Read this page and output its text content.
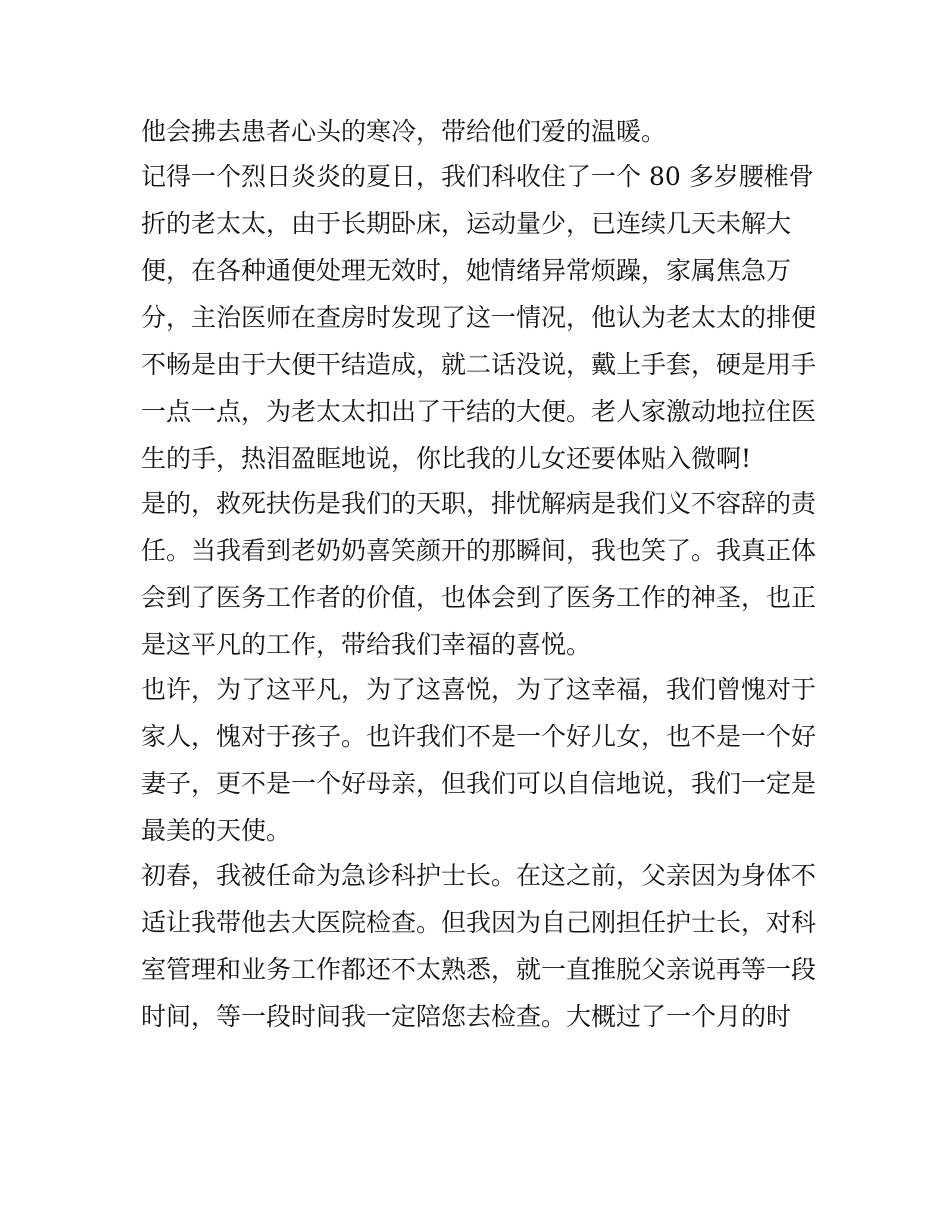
他会拂去患者心头的寒冷，带给他们爱的温暖。
记得一个烈日炎炎的夏日，我们科收住了一个 80 多岁腰椎骨
折的老太太，由于长期卧床，运动量少，已连续几天未解大
便，在各种通便处理无效时，她情绪异常烦躁，家属焦急万
分，主治医师在查房时发现了这一情况，他认为老太太的排便
不畅是由于大便干结造成，就二话没说，戴上手套，硬是用手
一点一点，为老太太扣出了干结的大便。老人家激动地拉住医
生的手，热泪盈眶地说，你比我的儿女还要体贴入微啊!
是的，救死扶伤是我们的天职，排忧解病是我们义不容辞的责
任。当我看到老奶奶喜笑颜开的那瞬间，我也笑了。我真正体
会到了医务工作者的价值，也体会到了医务工作的神圣，也正
是这平凡的工作，带给我们幸福的喜悦。
也许，为了这平凡，为了这喜悦，为了这幸福，我们曾愧对于
家人，愧对于孩子。也许我们不是一个好儿女，也不是一个好
妻子，更不是一个好母亲，但我们可以自信地说，我们一定是
最美的天使。
初春，我被任命为急诊科护士长。在这之前，父亲因为身体不
适让我带他去大医院检查。但我因为自己刚担任护士长，对科
室管理和业务工作都还不太熟悉，就一直推脱父亲说再等一段
时间，等一段时间我一定陪您去检查。大概过了一个月的时
